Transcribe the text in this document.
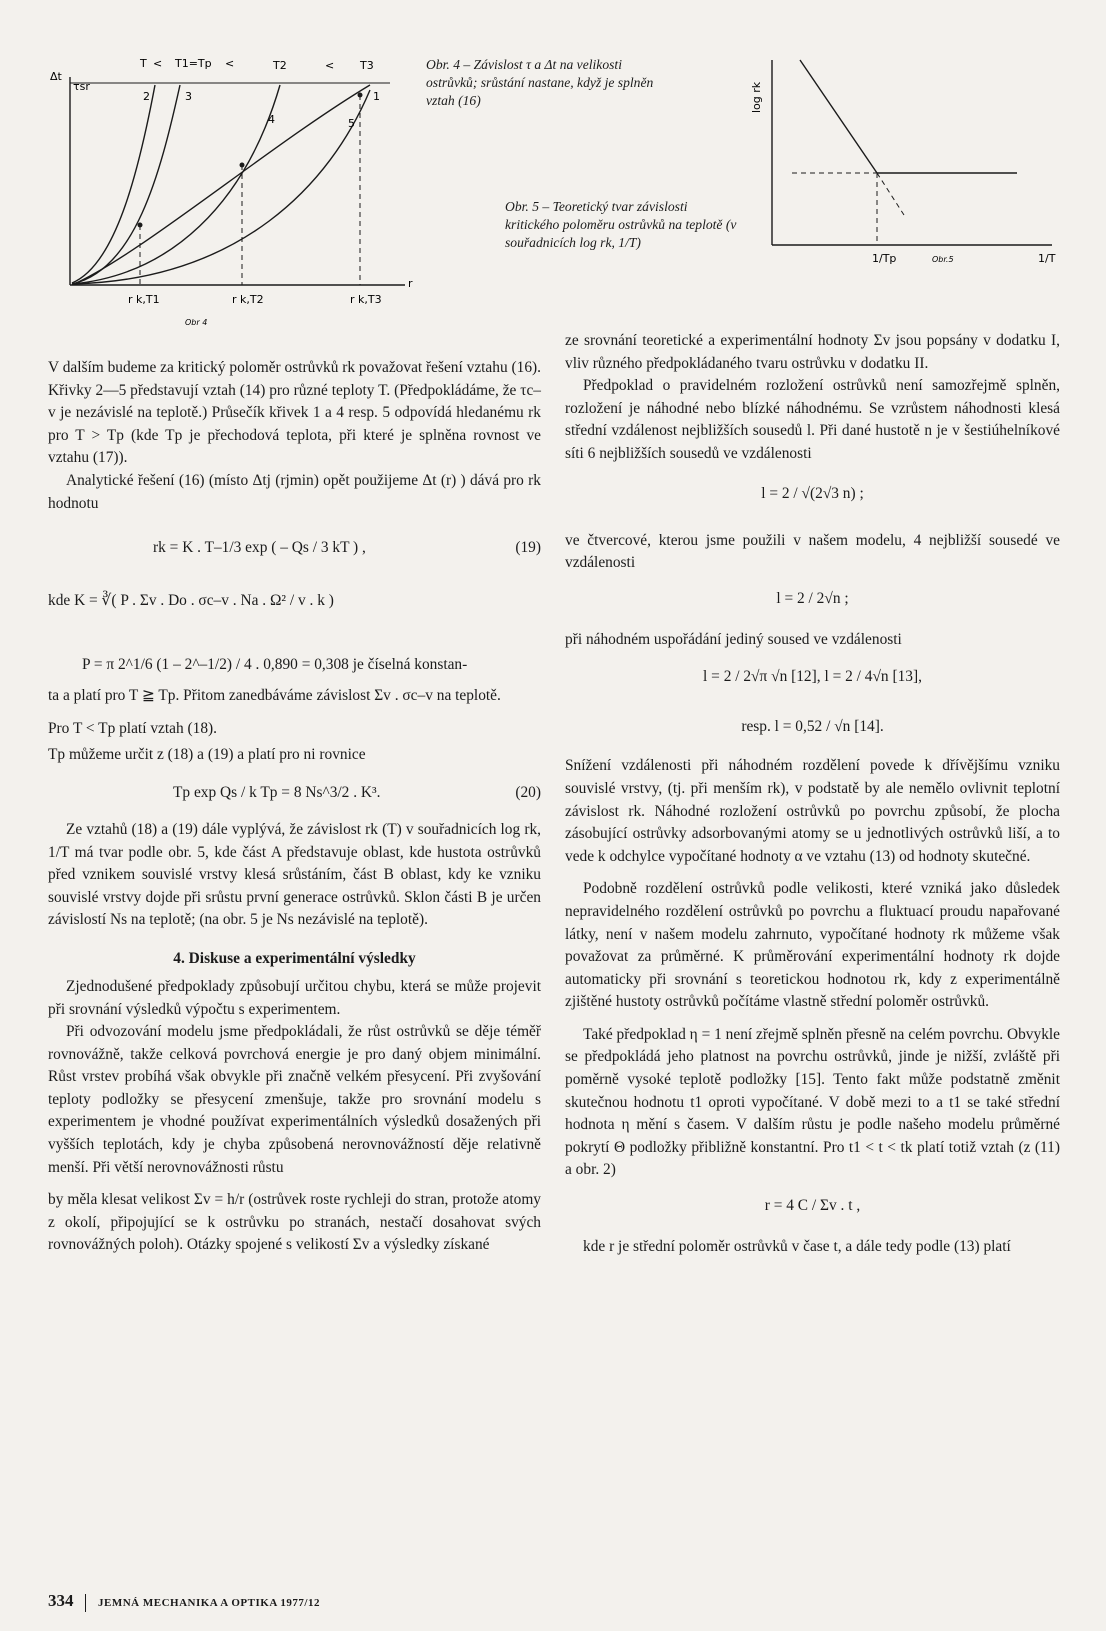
Δt
τsr
T < T1=Tp <	T2	< T3
2	3
4	5
1
r k,T1	r k,T2	r k,T3
r
Obr 4
Obr. 4 – Závislost τ a Δt na velikosti ostrůvků; srůstání nastane, když je splněn vztah (16)	log rk
1/Tp	1/T
Obr.5
Obr. 5 – Teoretický tvar závislosti kritického poloměru ostrůvků na teplotě (v souřadnicích log rk, 1/T)

V dalším budeme za kritický poloměr ostrůvků rk považovat řešení vztahu (16). Křivky 2—5 představují vztah (14) pro různé teploty T. (Předpokládáme, že τc–v je nezávislé na teplotě.) Průsečík křivek 1 a 4 resp. 5 odpovídá hledanému rk pro T > Tp (kde Tp je přechodová teplota, při které je splněna rovnost ve vztahu (17)).

Analytické řešení (16) (místo Δtj (rjmin) opět použijeme Δt (r) ) dává pro rk hodnotu

rk = K . T–1/3 exp ( – Qs / 3 kT ) ,	(19)
kde K = ∛( P . Σv . Do . σc–v . Na . Ω² / v . k )
P = π 2^1/6 (1 – 2^–1/2) / 4 . 0,890 = 0,308 je číselná konstan-

ta a platí pro T ≧ Tp. Přitom zanedbáváme závislost Σv . σc–v na teplotě.

Pro T < Tp platí vztah (18).

Tp můžeme určit z (18) a (19) a platí pro ni rovnice

Tp exp Qs / k Tp = 8 Ns^3/2 . K³.	(20)

Ze vztahů (18) a (19) dále vyplývá, že závislost rk (T) v souřadnicích log rk, 1/T má tvar podle obr. 5, kde část A představuje oblast, kde hustota ostrůvků před vznikem souvislé vrstvy klesá srůstáním, část B oblast, kdy ke vzniku souvislé vrstvy dojde při srůstu první generace ostrůvků. Sklon části B je určen závislostí Ns na teplotě; (na obr. 5 je Ns nezávislé na teplotě).

4. Diskuse a experimentální výsledky

Zjednodušené předpoklady způsobují určitou chybu, která se může projevit při srovnání výsledků výpočtu s experimentem.

Při odvozování modelu jsme předpokládali, že růst ostrůvků se děje téměř rovnovážně, takže celková povrchová energie je pro daný objem minimální. Růst vrstev probíhá však obvykle při značně velkém přesycení. Při zvyšování teploty podložky se přesycení zmenšuje, takže pro srovnání modelu s experimentem je vhodné používat experimentálních výsledků dosažených při vyšších teplotách, kdy je chyba způsobená nerovnovážností děje relativně menší. Při větší nerovnovážnosti růstu

by měla klesat velikost Σv = h/r (ostrůvek roste rychleji do stran, protože atomy z okolí, připojující se k ostrůvku po stranách, nestačí dosahovat svých rovnovážných poloh). Otázky spojené s velikostí Σv a výsledky získané

ze srovnání teoretické a experimentální hodnoty Σv jsou popsány v dodatku I, vliv různého předpokládaného tvaru ostrůvku v dodatku II.

Předpoklad o pravidelném rozložení ostrůvků není samozřejmě splněn, rozložení je náhodné nebo blízké náhodnému. Se vzrůstem náhodnosti klesá střední vzdálenost nejbližších sousedů l. Při dané hustotě n je v šestiúhelníkové síti 6 nejbližších sousedů ve vzdálenosti

l = 2 / √(2√3 n) ;

ve čtvercové, kterou jsme použili v našem modelu, 4 nejbližší sousedé ve vzdálenosti

l = 2 / 2√n ;

při náhodném uspořádání jediný soused ve vzdálenosti

l = 2 / 2√π √n [12], l = 2 / 4√n [13],
resp. l = 0,52 / √n [14].

Snížení vzdálenosti při náhodném rozdělení povede k dřívějšímu vzniku souvislé vrstvy, (tj. při menším rk), v podstatě by ale nemělo ovlivnit teplotní závislost rk. Náhodné rozložení ostrůvků po povrchu způsobí, že plocha zásobující ostrůvky adsorbovanými atomy se u jednotlivých ostrůvků liší, a to vede k odchylce vypočítané hodnoty α ve vztahu (13) od hodnoty skutečné.

Podobně rozdělení ostrůvků podle velikosti, které vzniká jako důsledek nepravidelného rozdělení ostrůvků po povrchu a fluktuací proudu napařované látky, není v našem modelu zahrnuto, vypočítané hodnoty rk můžeme však považovat za průměrné. K průměrování experimentální hodnoty rk dojde automaticky při srovnání s teoretickou hodnotou rk, kdy z experimentálně zjištěné hustoty ostrůvků počítáme vlastně střední poloměr ostrůvků.

Také předpoklad η = 1 není zřejmě splněn přesně na celém povrchu. Obvykle se předpokládá jeho platnost na povrchu ostrůvků, jinde je nižší, zvláště při poměrně vysoké teplotě podložky [15]. Tento fakt může podstatně změnit skutečnou hodnotu t1 oproti vypočítané. V době mezi to a t1 se také střední hodnota η mění s časem. V dalším růstu je podle našeho modelu průměrné pokrytí Θ podložky přibližně konstantní. Pro t1 < t < tk platí totiž vztah (z (11) a obr. 2)

r = 4 C / Σv . t ,

kde r je střední poloměr ostrůvků v čase t, a dále tedy podle (13) platí

334 JEMNÁ MECHANIKA A OPTIKA 1977/12
